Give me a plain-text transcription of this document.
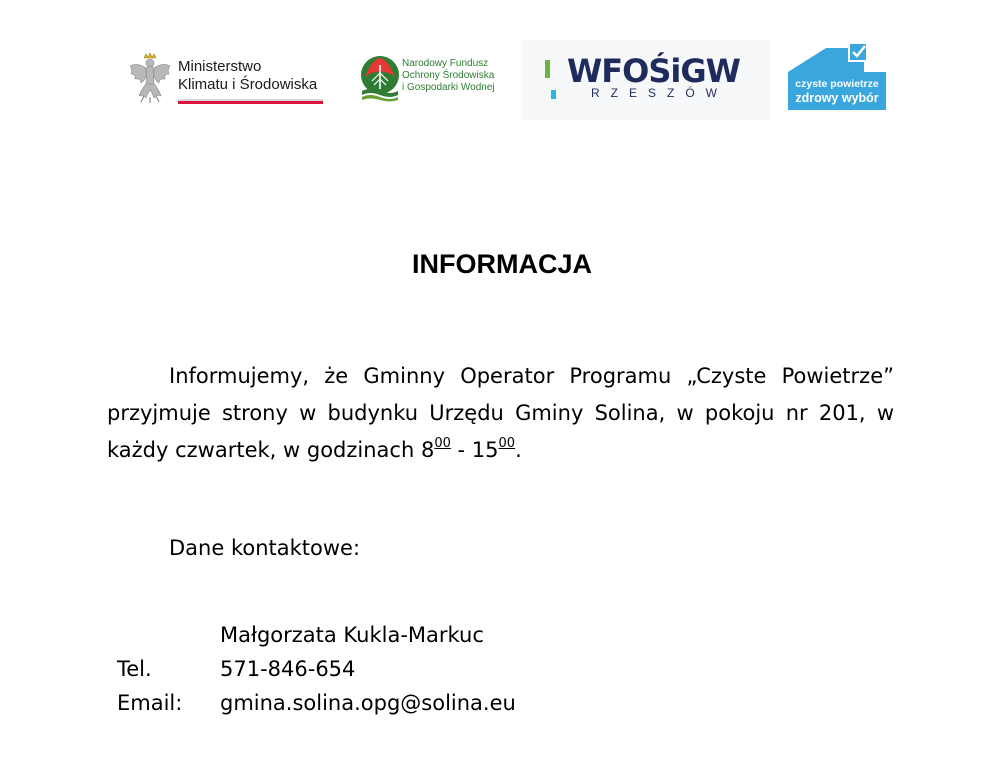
Ministerstwo
Klimatu i Środowiska
Narodowy Fundusz
Ochrony Środowiska
i Gospodarki Wodnej WFOŚiGW
RZESZÓW
czyste powietrze
zdrowy wybór
INFORMACJA
Informujemy, że Gminny Operator Programu „Czyste Powietrze” przyjmuje strony w budynku Urzędu Gminy Solina, w pokoju nr 201, w każdy czwartek, w godzinach $8^{00} - 15^{00}$.
Dane kontaktowe:
Małgorzata Kukla-Markuc
Tel.	571-846-654
Email: gmina.solina.opg@solina.eu
